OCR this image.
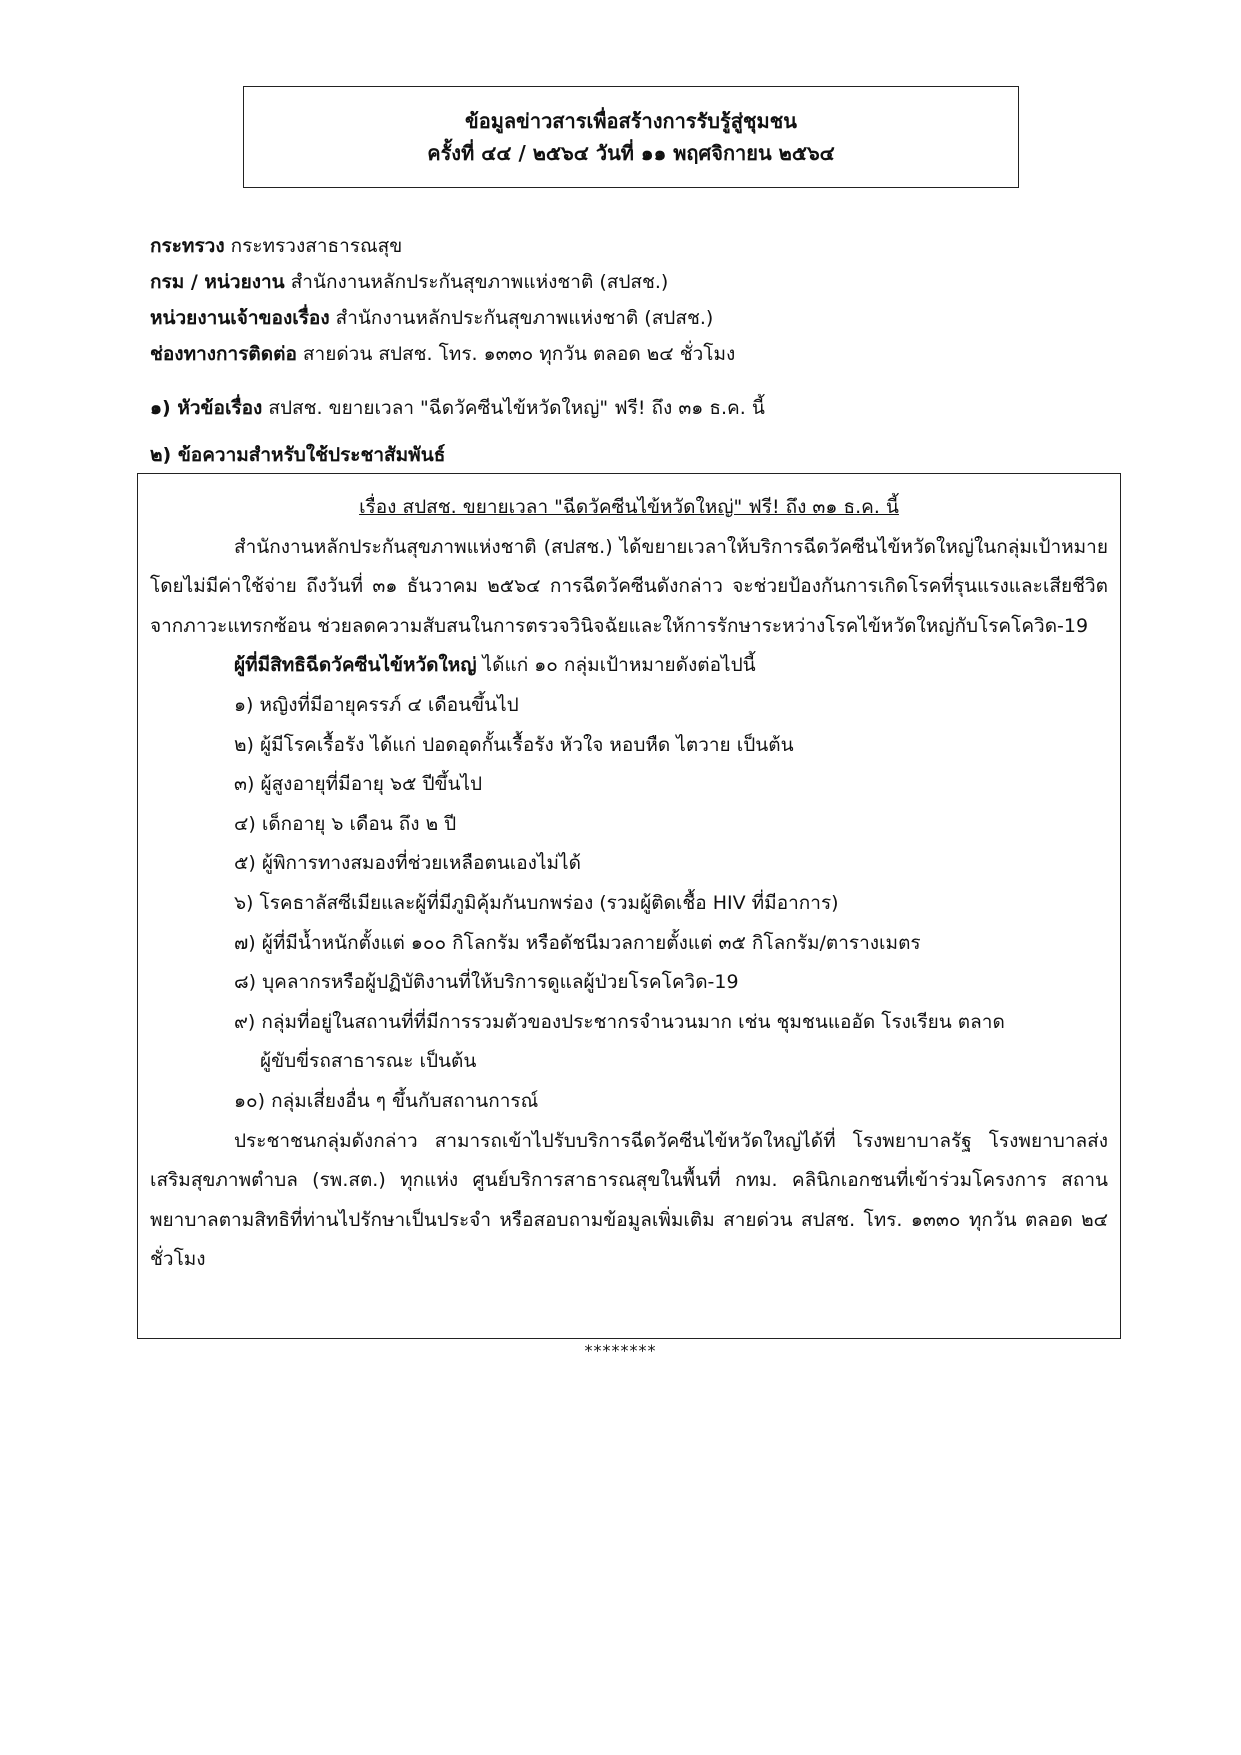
ข้อมูลข่าวสารเพื่อสร้างการรับรู้สู่ชุมชน
ครั้งที่ ๔๔ / ๒๕๖๔ วันที่ ๑๑ พฤศจิกายน ๒๕๖๔
กระทรวง กระทรวงสาธารณสุข
กรม / หน่วยงาน สำนักงานหลักประกันสุขภาพแห่งชาติ (สปสช.)
หน่วยงานเจ้าของเรื่อง สำนักงานหลักประกันสุขภาพแห่งชาติ (สปสช.)
ช่องทางการติดต่อ สายด่วน สปสช. โทร. ๑๓๓๐ ทุกวัน ตลอด ๒๔ ชั่วโมง
๑) หัวข้อเรื่อง สปสช. ขยายเวลา "ฉีดวัคซีนไข้หวัดใหญ่" ฟรี! ถึง ๓๑ ธ.ค. นี้
๒) ข้อความสำหรับใช้ประชาสัมพันธ์

เรื่อง สปสช. ขยายเวลา "ฉีดวัคซีนไข้หวัดใหญ่" ฟรี! ถึง ๓๑ ธ.ค. นี้

สำนักงานหลักประกันสุขภาพแห่งชาติ (สปสช.) ได้ขยายเวลาให้บริการฉีดวัคซีนไข้หวัดใหญ่ในกลุ่มเป้าหมาย โดยไม่มีค่าใช้จ่าย ถึงวันที่ ๓๑ ธันวาคม ๒๕๖๔ การฉีดวัคซีนดังกล่าว จะช่วยป้องกันการเกิดโรคที่รุนแรงและเสียชีวิตจากภาวะแทรกซ้อน ช่วยลดความสับสนในการตรวจวินิจฉัยและให้การรักษาระหว่างโรคไข้หวัดใหญ่กับโรคโควิด-19

ผู้ที่มีสิทธิฉีดวัคซีนไข้หวัดใหญ่ ได้แก่ ๑๐ กลุ่มเป้าหมายดังต่อไปนี้

๑) หญิงที่มีอายุครรภ์ ๔ เดือนขึ้นไป
๒) ผู้มีโรคเรื้อรัง ได้แก่ ปอดอุดกั้นเรื้อรัง หัวใจ หอบหืด ไตวาย เป็นต้น
๓) ผู้สูงอายุที่มีอายุ ๖๕ ปีขึ้นไป
๔) เด็กอายุ ๖ เดือน ถึง ๒ ปี
๕) ผู้พิการทางสมองที่ช่วยเหลือตนเองไม่ได้
๖) โรคธาลัสซีเมียและผู้ที่มีภูมิคุ้มกันบกพร่อง (รวมผู้ติดเชื้อ HIV ที่มีอาการ)
๗) ผู้ที่มีน้ำหนักตั้งแต่ ๑๐๐ กิโลกรัม หรือดัชนีมวลกายตั้งแต่ ๓๕ กิโลกรัม/ตารางเมตร
๘) บุคลากรหรือผู้ปฏิบัติงานที่ให้บริการดูแลผู้ป่วยโรคโควิด-19
๙) กลุ่มที่อยู่ในสถานที่ที่มีการรวมตัวของประชากรจำนวนมาก เช่น ชุมชนแออัด โรงเรียน ตลาด
ผู้ขับขี่รถสาธารณะ เป็นต้น
๑๐) กลุ่มเสี่ยงอื่น ๆ ขึ้นกับสถานการณ์

ประชาชนกลุ่มดังกล่าว สามารถเข้าไปรับบริการฉีดวัคซีนไข้หวัดใหญ่ได้ที่ โรงพยาบาลรัฐ โรงพยาบาลส่งเสริมสุขภาพตำบล (รพ.สต.) ทุกแห่ง ศูนย์บริการสาธารณสุขในพื้นที่ กทม. คลินิกเอกชนที่เข้าร่วมโครงการ สถานพยาบาลตามสิทธิที่ท่านไปรักษาเป็นประจำ หรือสอบถามข้อมูลเพิ่มเติม สายด่วน สปสช. โทร. ๑๓๓๐ ทุกวัน ตลอด ๒๔ ชั่วโมง

********
